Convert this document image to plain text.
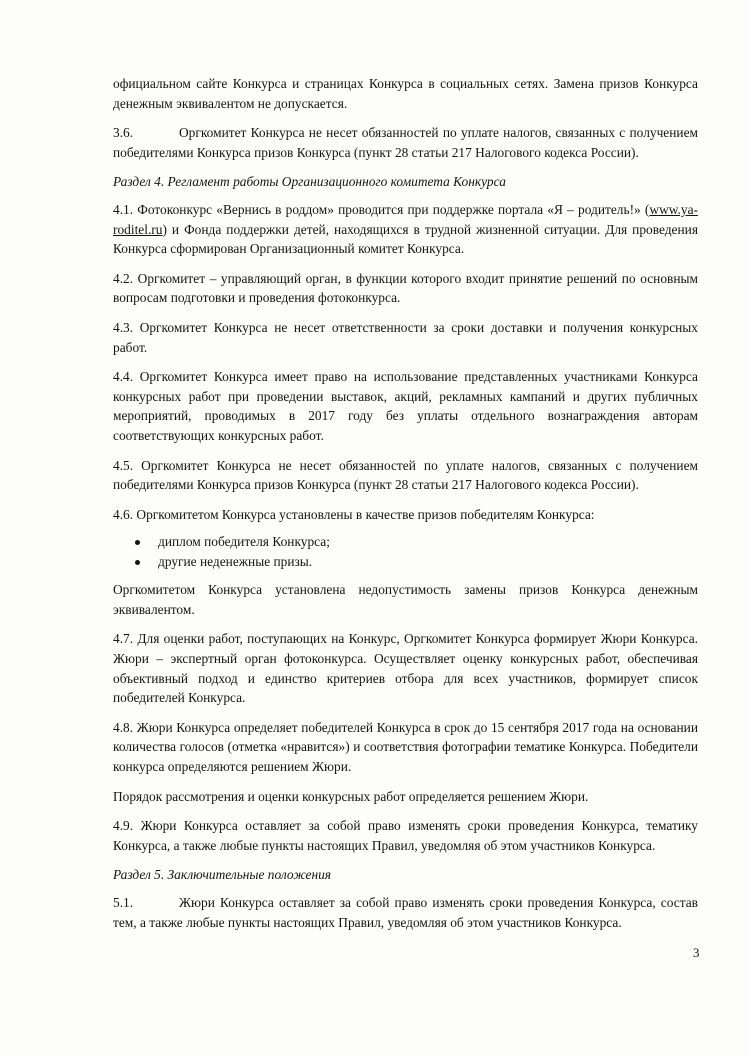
официальном сайте Конкурса и страницах Конкурса в социальных сетях. Замена призов Конкурса денежным эквивалентом не допускается.

3.6.	Оргкомитет Конкурса не несет обязанностей по уплате налогов, связанных с получением победителями Конкурса призов Конкурса (пункт 28 статьи 217 Налогового кодекса России).

Раздел 4. Регламент работы Организационного комитета Конкурса

4.1. Фотоконкурс «Вернись в роддом» проводится при поддержке портала «Я – родитель!» (www.ya-roditel.ru) и Фонда поддержки детей, находящихся в трудной жизненной ситуации. Для проведения Конкурса сформирован Организационный комитет Конкурса.

4.2. Оргкомитет – управляющий орган, в функции которого входит принятие решений по основным вопросам подготовки и проведения фотоконкурса.

4.3. Оргкомитет Конкурса не несет ответственности за сроки доставки и получения конкурсных работ.

4.4. Оргкомитет Конкурса имеет право на использование представленных участниками Конкурса конкурсных работ при проведении выставок, акций, рекламных кампаний и других публичных мероприятий, проводимых в 2017 году без уплаты отдельного вознаграждения авторам соответствующих конкурсных работ.

4.5. Оргкомитет Конкурса не несет обязанностей по уплате налогов, связанных с получением победителями Конкурса призов Конкурса (пункт 28 статьи 217 Налогового кодекса России).

4.6. Оргкомитетом Конкурса установлены в качестве призов победителям Конкурса:

диплом победителя Конкурса;
другие неденежные призы.

Оргкомитетом Конкурса установлена недопустимость замены призов Конкурса денежным эквивалентом.

4.7. Для оценки работ, поступающих на Конкурс, Оргкомитет Конкурса формирует Жюри Конкурса. Жюри – экспертный орган фотоконкурса. Осуществляет оценку конкурсных работ, обеспечивая объективный подход и единство критериев отбора для всех участников, формирует список победителей Конкурса.

4.8. Жюри Конкурса определяет победителей Конкурса в срок до 15 сентября 2017 года на основании количества голосов (отметка «нравится») и соответствия фотографии тематике Конкурса. Победители конкурса определяются решением Жюри.

Порядок рассмотрения и оценки конкурсных работ определяется решением Жюри.

4.9. Жюри Конкурса оставляет за собой право изменять сроки проведения Конкурса, тематику Конкурса, а также любые пункты настоящих Правил, уведомляя об этом участников Конкурса.

Раздел 5. Заключительные положения

5.1.	Жюри Конкурса оставляет за собой право изменять сроки проведения Конкурса, состав тем, а также любые пункты настоящих Правил, уведомляя об этом участников Конкурса.

3
